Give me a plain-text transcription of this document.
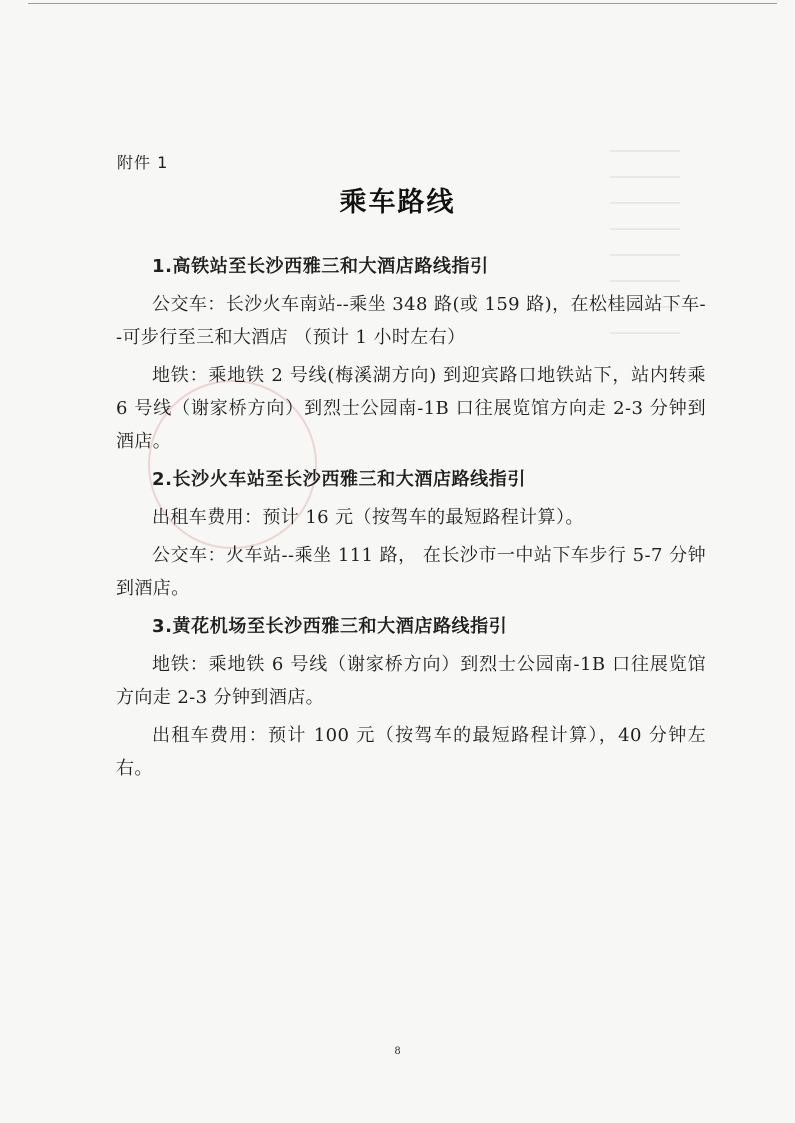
附件 1
乘车路线

1.高铁站至长沙西雅三和大酒店路线指引

公交车：长沙火车南站--乘坐 348 路(或 159 路)，在松桂园站下车--可步行至三和大酒店 （预计 1 小时左右）

地铁：乘地铁 2 号线(梅溪湖方向) 到迎宾路口地铁站下，站内转乘 6 号线（谢家桥方向）到烈士公园南-1B 口往展览馆方向走 2-3 分钟到酒店。

2.长沙火车站至长沙西雅三和大酒店路线指引

出租车费用：预计 16 元（按驾车的最短路程计算）。

公交车：火车站--乘坐 111 路， 在长沙市一中站下车步行 5-7 分钟到酒店。

3.黄花机场至长沙西雅三和大酒店路线指引

地铁：乘地铁 6 号线（谢家桥方向）到烈士公园南-1B 口往展览馆方向走 2-3 分钟到酒店。

出租车费用：预计 100 元（按驾车的最短路程计算），40 分钟左右。

8
